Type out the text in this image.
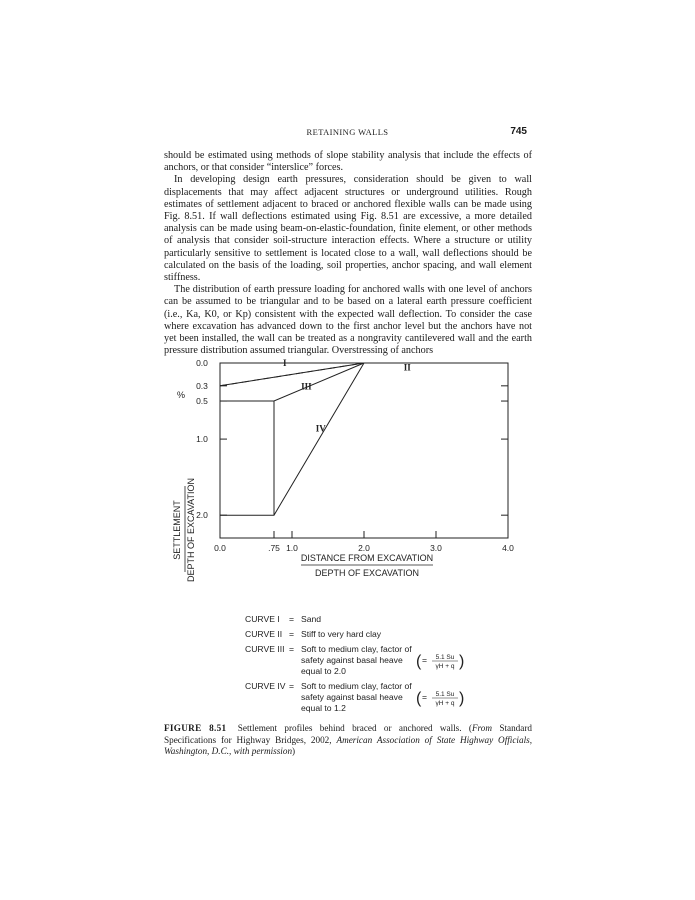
RETAINING WALLS	745

should be estimated using methods of slope stability analysis that include the effects of anchors, or that consider “interslice” forces.

In developing design earth pressures, consideration should be given to wall displacements that may affect adjacent structures or underground utilities. Rough estimates of settlement adjacent to braced or anchored flexible walls can be made using Fig. 8.51. If wall deflections estimated using Fig. 8.51 are excessive, a more detailed analysis can be made using beam-on-elastic-foundation, finite element, or other methods of analysis that consider soil-structure interaction effects. Where a structure or utility particularly sensitive to settlement is located close to a wall, wall deflections should be calculated on the basis of the loading, soil properties, anchor spacing, and wall element stiffness.

The distribution of earth pressure loading for anchored walls with one level of anchors can be assumed to be triangular and to be based on a lateral earth pressure coefficient (i.e., Ka, K0, or Kp) consistent with the expected wall deflection. To consider the case where excavation has advanced down to the first anchor level but the anchors have not yet been installed, the wall can be treated as a nongravity cantilevered wall and the earth pressure distribution assumed triangular. Overstressing of anchors

SETTLEMENT DEPTH OF EXCAVATION
%
DISTANCE FROM EXCAVATION
DEPTH OF EXCAVATION
CURVE I = Sand
CURVE II = Stiff to very hard clay
CURVE III = Soft to medium clay, factor of
safety against basal heave
equal to 2.0
( = 5.1 Su
γH + q )
CURVE IV = Soft to medium clay, factor of
safety against basal heave
equal to 1.2
( = 5.1 Su
γH + q )
0.0
0.3
0.5
1.0
2.0
0.0	.75 1.0	2.0	3.0	4.0
I	II
III
IV
FIGURE 8.51 Settlement profiles behind braced or anchored walls. (From Standard Specifications for Highway Bridges, 2002, American Association of State Highway Officials, Washington, D.C., with permission)
